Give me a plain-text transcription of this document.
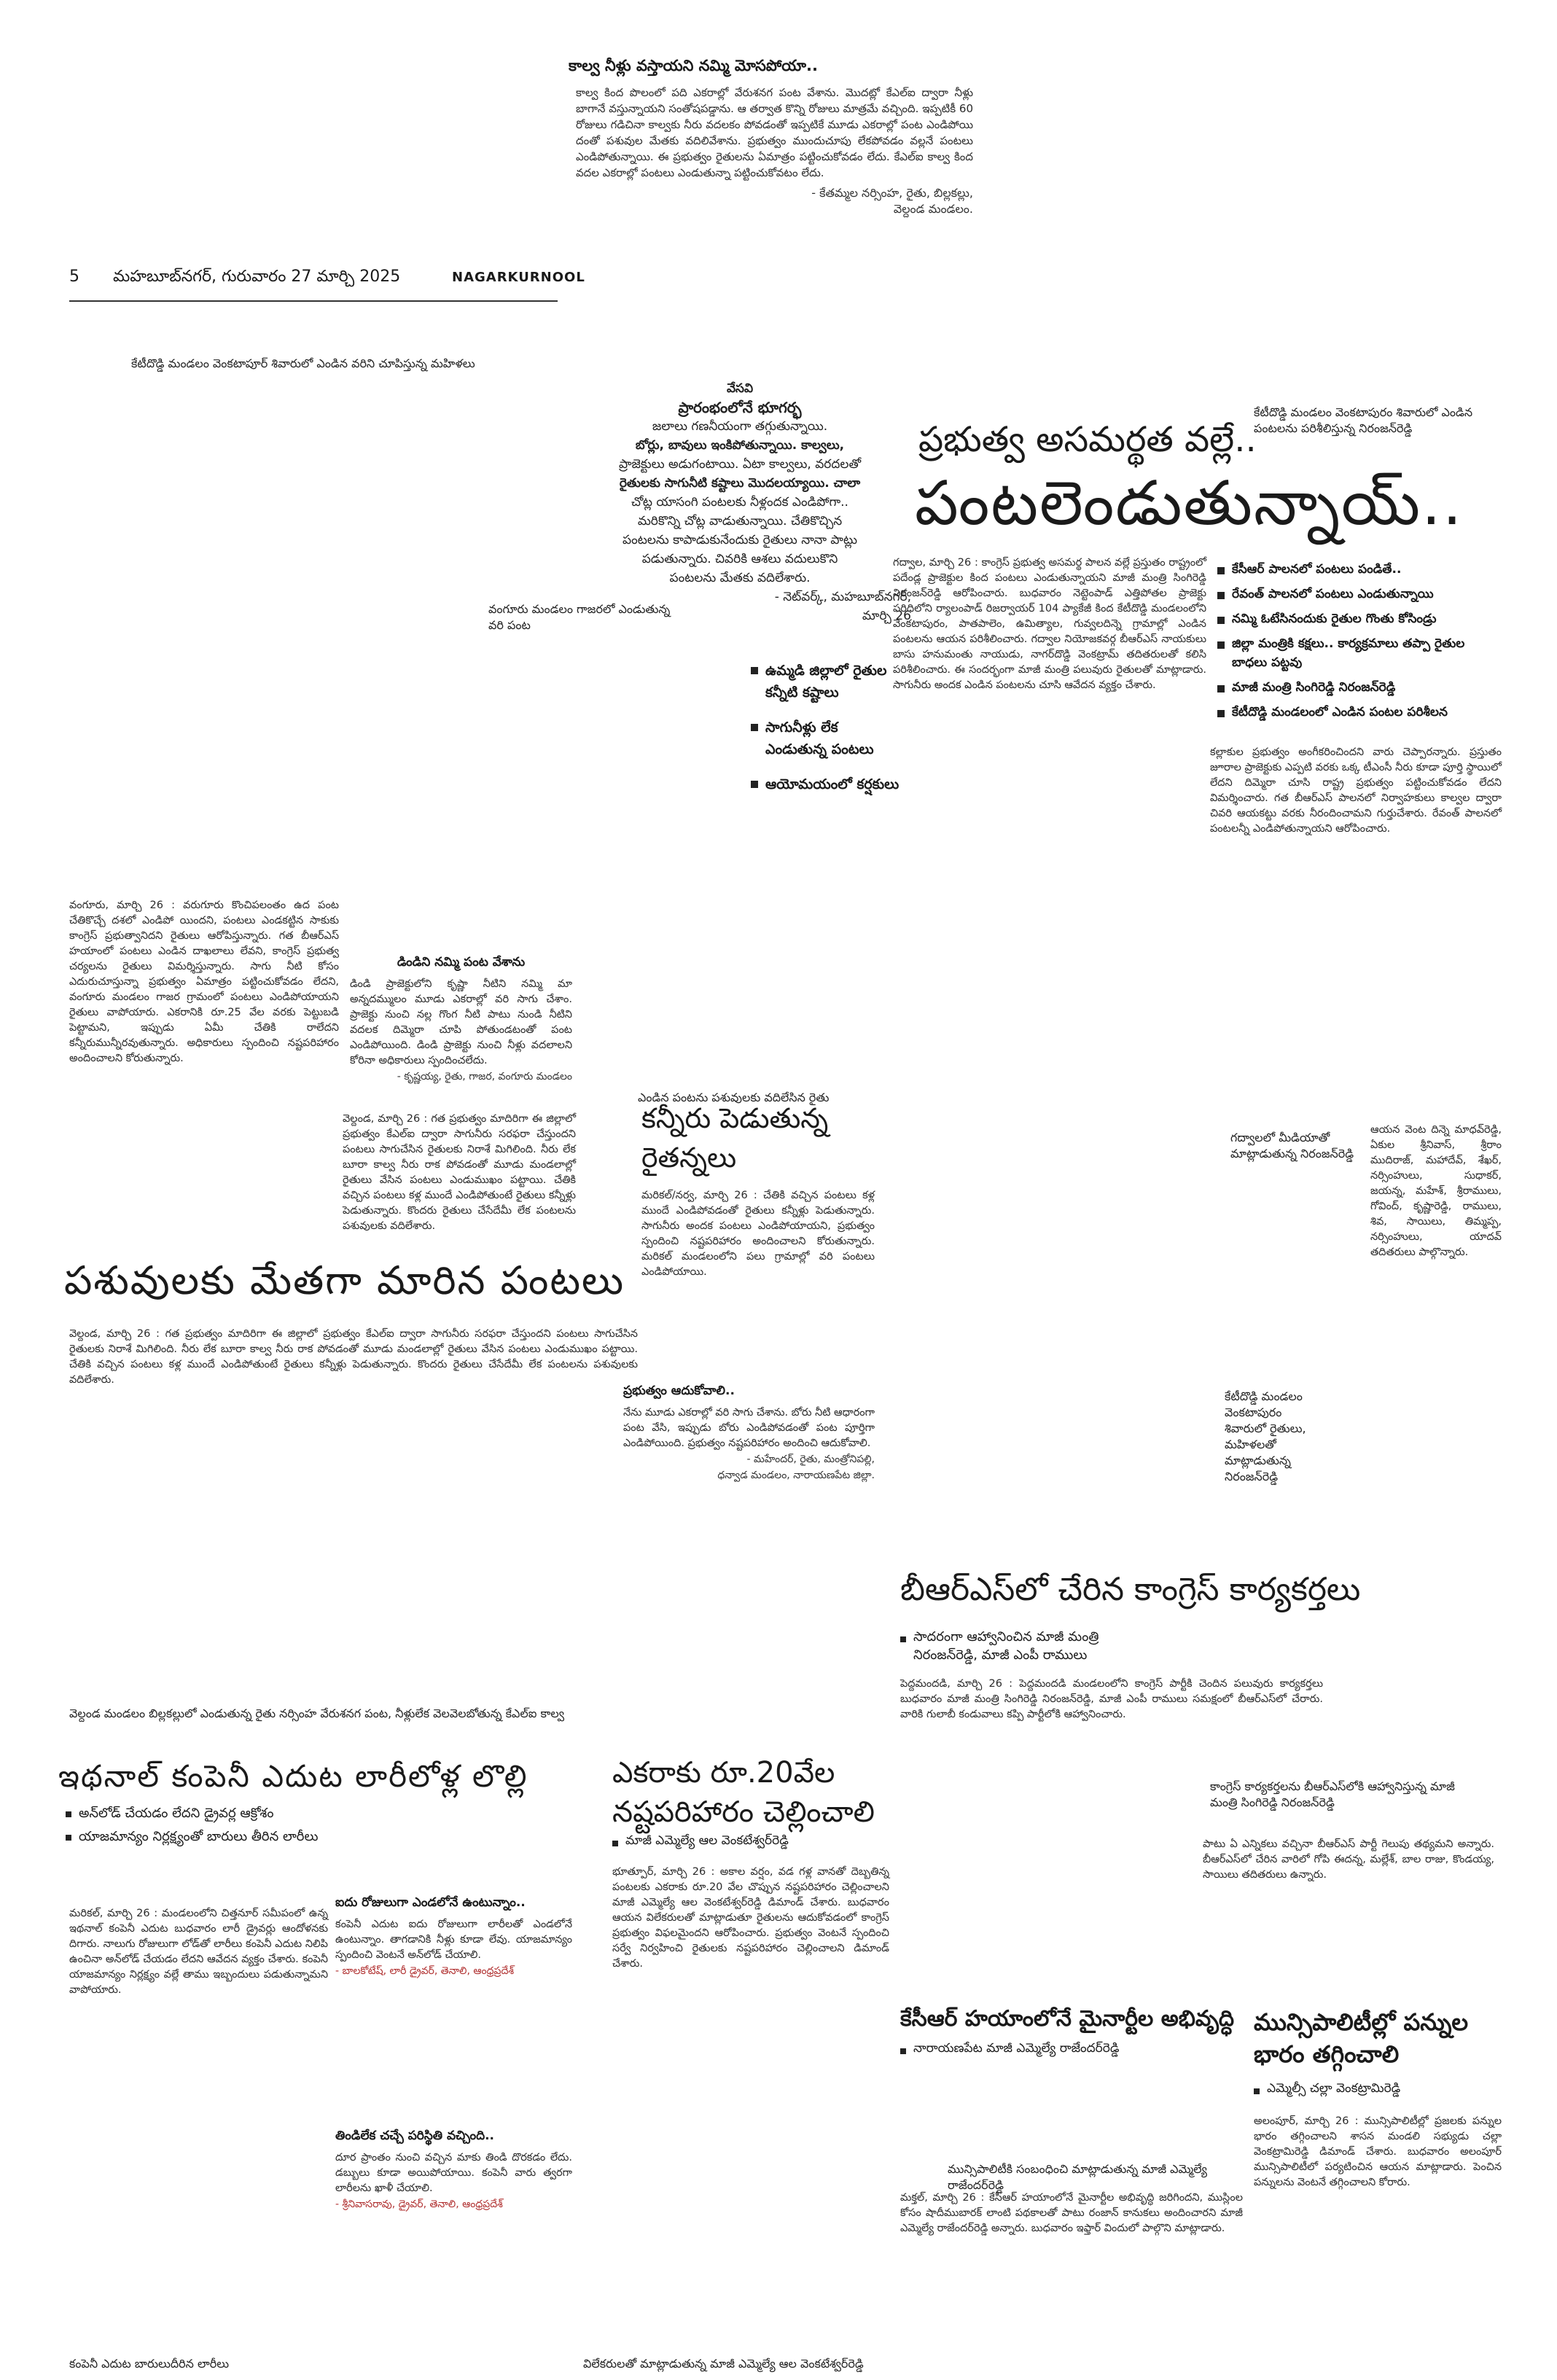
5 మహబూబ్‌నగర్, గురువారం 27 మార్చి 2025	NAGARKURNOOL
కాల్వ నీళ్లు వస్తాయని నమ్మి మోసపోయా..
కాల్వ కింద పొలంలో పది ఎకరాల్లో వేరుశనగ పంట వేశాను. మొదట్లో కేఎల్‌ఐ ద్వారా నీళ్లు బాగానే వస్తున్నాయని సంతోషపడ్డాను. ఆ తర్వాత కొన్ని రోజులు మాత్రమే వచ్చింది. ఇప్పటికీ 60 రోజులు గడిచినా కాల్వకు నీరు వదలకం పోవడంతో ఇప్పటికే మూడు ఎకరాల్లో పంట ఎండిపోయి దంతో పశువుల మేతకు వదిలివేశాను. ప్రభుత్వం ముందుచూపు లేకపోవడం వల్లనే పంటలు ఎండిపోతున్నాయి. ఈ ప్రభుత్వం రైతులను ఏమాత్రం పట్టించుకోవడం లేదు. కేఎల్‌ఐ కాల్వ కింద వదల ఎకరాల్లో పంటలు ఎండుతున్నా పట్టించుకోవటం లేదు.
- కేతమ్మల నర్సింహ, రైతు, బిల్లకల్లు,
వెల్దండ మండలం.
కేటీదొడ్డి మండలం వెంకటాపూర్ శివారులో ఎండిన వరిని చూపిస్తున్న మహిళలు
వేసవి
ప్రారంభంలోనే భూగర్భ
జలాలు గణనీయంగా తగ్గుతున్నాయి.
బోర్లు, బావులు ఇంకిపోతున్నాయి. కాల్వలు,
ప్రాజెక్టులు అడుగంటాయి. ఏటా కాల్వలు, వరదలతో
రైతులకు సాగునీటి కష్టాలు మొదలయ్యాయి. చాలా
చోట్ల యాసంగి పంటలకు నీళ్లందక ఎండిపోగా..
మరికొన్ని చోట్ల వాడుతున్నాయి. చేతికొచ్చిన
పంటలను కాపాడుకునేందుకు రైతులు నానా పాట్లు
పడుతున్నారు. చివరికి ఆశలు వదులుకొని
పంటలను మేతకు వదిలేశారు.
- నెట్‌వర్క్, మహబూబ్‌నగర్,
మార్చి 26
వంగూరు మండలం గాజరలో ఎండుతున్న వరి పంట
ఉమ్మడి జిల్లాలో రైతుల కన్నీటి కష్టాలు
సాగునీళ్లు లేక ఎండుతున్న పంటలు
ఆయోమయంలో కర్షకులు
కేటీదొడ్డి మండలం వెంకటాపురం శివారులో ఎండిన పంటలను పరిశీలిస్తున్న నిరంజన్‌రెడ్డి
ప్రభుత్వ అసమర్థత వల్లే..
పంటలెండుతున్నాయ్..
గద్వాల, మార్చి 26 : కాంగ్రెస్ ప్రభుత్వ అసమర్థ పాలన వల్లే ప్రస్తుతం రాష్ట్రంలో పదేండ్ల ప్రాజెక్టుల కింద పంటలు ఎండుతున్నాయని మాజీ మంత్రి సింగిరెడ్డి నిరంజన్‌రెడ్డి ఆరోపించారు. బుధవారం నెట్టెంపాడ్ ఎత్తిపోతల ప్రాజెక్టు పరిధిలోని ర్యాలంపాడ్ రిజర్వాయర్ 104 ప్యాకేజీ కింద కేటీదొడ్డి మండలంలోని వెంకటాపురం, పాతపాలెం, ఉమిత్యాల, గువ్వలదిన్నె గ్రామాల్లో ఎండిన పంటలను ఆయన పరిశీలించారు. గద్వాల నియోజకవర్గ బీఆర్‌ఎస్ నాయకులు బాసు హనుమంతు నాయుడు, నాగర్‌దొడ్డి వెంకట్రామ్ తదితరులతో కలిసి పరిశీలించారు. ఈ సందర్భంగా మాజీ మంత్రి పలువురు రైతులతో మాట్లాడారు. సాగునీరు అందక ఎండిన పంటలను చూసి ఆవేదన వ్యక్తం చేశారు.
కేసీఆర్ పాలనలో పంటలు పండితే..
రేవంత్ పాలనలో పంటలు ఎండుతున్నాయి
నమ్మి ఓటేసినందుకు రైతుల గొంతు కోసిండ్రు
జిల్లా మంత్రికి కక్షలు.. కార్యక్రమాలు తప్పా రైతుల బాధలు పట్టవు
మాజీ మంత్రి సింగిరెడ్డి నిరంజన్‌రెడ్డి
కేటీదొడ్డి మండలంలో ఎండిన పంటల పరిశీలన
కల్లాకుల ప్రభుత్వం అంగీకరించిందని వారు చెప్పారన్నారు. ప్రస్తుతం జూరాల ప్రాజెక్టుకు ఎప్పటి వరకు ఒక్క టీఎంసీ నీరు కూడా పూర్తి స్థాయిలో లేదని దిమ్మెరా చూసి రాష్ట్ర ప్రభుత్వం పట్టించుకోవడం లేదని విమర్శించారు. గత బీఆర్‌ఎస్ పాలనలో నిర్వాహకులు కాల్వల ద్వారా చివరి ఆయకట్టు వరకు నీరందించామని గుర్తుచేశారు. రేవంత్ పాలనలో పంటలన్నీ ఎండిపోతున్నాయని ఆరోపించారు.
గద్వాలలో మీడియాతో మాట్లాడుతున్న నిరంజన్‌రెడ్డి
ఆయన వెంట దిన్నె మాధవ్‌రెడ్డి, ఏకుల శ్రీనివాస్, శ్రీరాం ముదిరాజ్, మహాదేవ్, శేఖర్, నర్సింహులు, సుధాకర్, జయన్న, మహేశ్, శ్రీరాములు, గోవింద్, కృష్ణారెడ్డి, రాములు, శివ, సాయిలు, తిమ్మప్ప, నర్సింహులు, యాదవ్ తదితరులు పాల్గొన్నారు.
కేటీదొడ్డి మండలం వెంకటాపురం శివారులో రైతులు, మహిళలతో మాట్లాడుతున్న నిరంజన్‌రెడ్డి
వంగూరు, మార్చి 26 : వరుగూరు కొంచిపలంతం ఉద పంట చేతికొచ్చే దశలో ఎండిపో యిందని, పంటలు ఎండకట్టిన సాకుకు కాంగ్రెస్ ప్రభుత్వానిదని రైతులు ఆరోపిస్తున్నారు. గత బీఆర్‌ఎస్ హయాంలో పంటలు ఎండిన దాఖలాలు లేవని, కాంగ్రెస్ ప్రభుత్వ చర్యలను రైతులు విమర్శిస్తున్నారు. సాగు నీటి కోసం ఎదురుచూస్తున్నా ప్రభుత్వం ఏమాత్రం పట్టించుకోవడం లేదని, వంగూరు మండలం గాజర గ్రామంలో పంటలు ఎండిపోయాయని రైతులు వాపోయారు. ఎకరానికి రూ.25 వేల వరకు పెట్టుబడి పెట్టామని, ఇప్పుడు ఏమీ చేతికి రాలేదని కన్నీరుమున్నీరవుతున్నారు. అధికారులు స్పందించి నష్టపరిహారం అందించాలని కోరుతున్నారు.
డిండిని నమ్మి పంట వేశాను
డిండి ప్రాజెక్టులోని కృష్ణా నీటిని నమ్మి మా అన్నదమ్ములం మూడు ఎకరాల్లో వరి సాగు చేశాం. ప్రాజెక్టు నుంచి నల్ల గొంగ నీటి పాటు నుండి నీటిని వదలక దిమ్మెరా చూపి పోతుండటంతో పంట ఎండిపోయింది. డిండి ప్రాజెక్టు నుంచి నీళ్లు వదలాలని కోరినా అధికారులు స్పందించలేదు.
- కృష్ణయ్య, రైతు, గాజర, వంగూరు మండలం
ఎండిన పంటను పశువులకు వదిలేసిన రైతు
వెల్దండ, మార్చి 26 : గత ప్రభుత్వం మాదిరిగా ఈ జిల్లాలో ప్రభుత్వం కేఎల్‌ఐ ద్వారా సాగునీరు సరఫరా చేస్తుందని పంటలు సాగుచేసిన రైతులకు నిరాశే మిగిలింది. నీరు లేక బూరా కాల్వ నీరు రాక పోవడంతో మూడు మండలాల్లో రైతులు వేసిన పంటలు ఎండుముఖం పట్టాయి. చేతికి వచ్చిన పంటలు కళ్ల ముందే ఎండిపోతుంటే రైతులు కన్నీళ్లు పెడుతున్నారు. కొందరు రైతులు చేసేదేమీ లేక పంటలను పశువులకు వదిలేశారు.
కన్నీరు పెడుతున్న రైతన్నలు
మరికల్/నర్వ, మార్చి 26 : చేతికి వచ్చిన పంటలు కళ్ల ముందే ఎండిపోవడంతో రైతులు కన్నీళ్లు పెడుతున్నారు. సాగునీరు అందక పంటలు ఎండిపోయాయని, ప్రభుత్వం స్పందించి నష్టపరిహారం అందించాలని కోరుతున్నారు. మరికల్ మండలంలోని పలు గ్రామాల్లో వరి పంటలు ఎండిపోయాయి.
పశువులకు మేతగా మారిన పంటలు
వెల్దండ, మార్చి 26 : గత ప్రభుత్వం మాదిరిగా ఈ జిల్లాలో ప్రభుత్వం కేఎల్‌ఐ ద్వారా సాగునీరు సరఫరా చేస్తుందని పంటలు సాగుచేసిన రైతులకు నిరాశే మిగిలింది. నీరు లేక బూరా కాల్వ నీరు రాక పోవడంతో మూడు మండలాల్లో రైతులు వేసిన పంటలు ఎండుముఖం పట్టాయి. చేతికి వచ్చిన పంటలు కళ్ల ముందే ఎండిపోతుంటే రైతులు కన్నీళ్లు పెడుతున్నారు. కొందరు రైతులు చేసేదేమీ లేక పంటలను పశువులకు వదిలేశారు.
ప్రభుత్వం ఆదుకోవాలి..
నేను మూడు ఎకరాల్లో వరి సాగు చేశాను. బోరు నీటి ఆధారంగా పంట వేసి, ఇప్పుడు బోరు ఎండిపోవడంతో పంట పూర్తిగా ఎండిపోయింది. ప్రభుత్వం నష్టపరిహారం అందించి ఆదుకోవాలి.
- మహేందర్, రైతు, మంత్రోనిపల్లి,
ధన్వాడ మండలం, నారాయణపేట జిల్లా.
బీఆర్‌ఎస్‌లో చేరిన కాంగ్రెస్ కార్యకర్తలు
సాదరంగా ఆహ్వానించిన మాజీ మంత్రి
నిరంజన్‌రెడ్డి, మాజీ ఎంపీ రాములు
పెద్దమందడి, మార్చి 26 : పెద్దమందడి మండలంలోని కాంగ్రెస్ పార్టీకి చెందిన పలువురు కార్యకర్తలు బుధవారం మాజీ మంత్రి సింగిరెడ్డి నిరంజన్‌రెడ్డి, మాజీ ఎంపీ రాములు సమక్షంలో బీఆర్‌ఎస్‌లో చేరారు. వారికి గులాబీ కండువాలు కప్పి పార్టీలోకి ఆహ్వానించారు.
కాంగ్రెస్ కార్యకర్తలను బీఆర్‌ఎస్‌లోకి ఆహ్వానిస్తున్న మాజీ మంత్రి సింగిరెడ్డి నిరంజన్‌రెడ్డి
పాటు ఏ ఎన్నికలు వచ్చినా బీఆర్‌ఎస్ పార్టీ గెలుపు తథ్యమని అన్నారు. బీఆర్‌ఎస్‌లో చేరిన వారిలో గోపి ఈదన్న, మల్లేశ్, బాల రాజు, కొండయ్య, సాయిలు తదితరులు ఉన్నారు.
వెల్దండ మండలం బిల్లకల్లులో ఎండుతున్న రైతు నర్సింహ వేరుశనగ పంట, నీళ్లులేక వెలవెలబోతున్న కేఎల్‌ఐ కాల్వ
ఇథనాల్ కంపెనీ ఎదుట లారీలోళ్ల లొల్లి
అన్‌లోడ్ చేయడం లేదని డ్రైవర్ల ఆక్రోశం
యాజమాన్యం నిర్లక్ష్యంతో బారులు తీరిన లారీలు
మరికల్, మార్చి 26 : మండలంలోని చిత్తనూర్ సమీపంలో ఉన్న ఇథనాల్ కంపెనీ ఎదుట బుధవారం లారీ డ్రైవర్లు ఆందోళనకు దిగారు. నాలుగు రోజులుగా లోడ్‌తో లారీలు కంపెనీ ఎదుట నిలిపి ఉంచినా అన్‌లోడ్ చేయడం లేదని ఆవేదన వ్యక్తం చేశారు. కంపెనీ యాజమాన్యం నిర్లక్ష్యం వల్లే తాము ఇబ్బందులు పడుతున్నామని వాపోయారు.
ఐదు రోజులుగా ఎండలోనే ఉంటున్నాం..
కంపెనీ ఎదుట ఐదు రోజులుగా లారీలతో ఎండలోనే ఉంటున్నాం. తాగడానికి నీళ్లు కూడా లేవు. యాజమాన్యం స్పందించి వెంటనే అన్‌లోడ్ చేయాలి.
- బాలకోటేష్, లారీ డ్రైవర్, తెనాలి, ఆంధ్రప్రదేశ్
తిండిలేక చచ్చే పరిస్థితి వచ్చింది..
దూర ప్రాంతం నుంచి వచ్చిన మాకు తిండి దొరకడం లేదు. డబ్బులు కూడా అయిపోయాయి. కంపెనీ వారు త్వరగా లారీలను ఖాళీ చేయాలి.
- శ్రీనివాసరావు, డ్రైవర్, తెనాలి, ఆంధ్రప్రదేశ్
కంపెనీ ఎదుట బారులుదీరిన లారీలు
ఎకరాకు రూ.20వేల నష్టపరిహారం చెల్లించాలి
మాజీ ఎమ్మెల్యే ఆల వెంకటేశ్వర్‌రెడ్డి
భూత్పూర్, మార్చి 26 : అకాల వర్షం, వడ గళ్ల వానతో దెబ్బతిన్న పంటలకు ఎకరాకు రూ.20 వేల చొప్పున నష్టపరిహారం చెల్లించాలని మాజీ ఎమ్మెల్యే ఆల వెంకటేశ్వర్‌రెడ్డి డిమాండ్ చేశారు. బుధవారం ఆయన విలేకరులతో మాట్లాడుతూ రైతులను ఆదుకోవడంలో కాంగ్రెస్ ప్రభుత్వం విఫలమైందని ఆరోపించారు. ప్రభుత్వం వెంటనే స్పందించి సర్వే నిర్వహించి రైతులకు నష్టపరిహారం చెల్లించాలని డిమాండ్ చేశారు.
విలేకరులతో మాట్లాడుతున్న మాజీ ఎమ్మెల్యే ఆల వెంకటేశ్వర్‌రెడ్డి
కేసీఆర్ హయాంలోనే మైనార్టీల అభివృద్ధి
నారాయణపేట మాజీ ఎమ్మెల్యే రాజేందర్‌రెడ్డి
మున్సిపాలిటీకి సంబంధించి మాట్లాడుతున్న మాజీ ఎమ్మెల్యే రాజేందర్‌రెడ్డి
మక్తల్, మార్చి 26 : కేసీఆర్ హయాంలోనే మైనార్టీల అభివృద్ధి జరిగిందని, ముస్లింల కోసం షాదీముబారక్ లాంటి పథకాలతో పాటు రంజాన్ కానుకలు అందించారని మాజీ ఎమ్మెల్యే రాజేందర్‌రెడ్డి అన్నారు. బుధవారం ఇఫ్తార్ విందులో పాల్గొని మాట్లాడారు.
మున్సిపాలిటీల్లో పన్నుల భారం తగ్గించాలి
ఎమ్మెల్సీ చల్లా వెంకట్రామిరెడ్డి
అలంపూర్, మార్చి 26 : మున్సిపాలిటీల్లో ప్రజలకు పన్నుల భారం తగ్గించాలని శాసన మండలి సభ్యుడు చల్లా వెంకట్రామిరెడ్డి డిమాండ్ చేశారు. బుధవారం అలంపూర్ మున్సిపాలిటీలో పర్యటించిన ఆయన మాట్లాడారు. పెంచిన పన్నులను వెంటనే తగ్గించాలని కోరారు.
